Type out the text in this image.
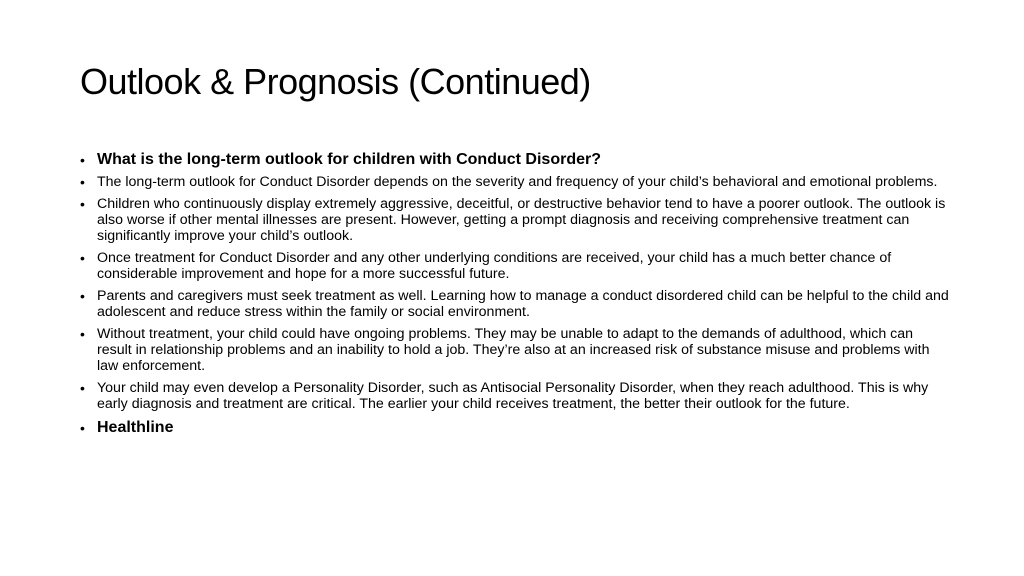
Outlook & Prognosis (Continued)
• What is the long-term outlook for children with Conduct Disorder?
• The long-term outlook for Conduct Disorder depends on the severity and frequency of your child’s behavioral and emotional problems.
• Children who continuously display extremely aggressive, deceitful, or destructive behavior tend to have a poorer outlook. The outlook is also worse if other mental illnesses are present. However, getting a prompt diagnosis and receiving comprehensive treatment can significantly improve your child’s outlook.
• Once treatment for Conduct Disorder and any other underlying conditions are received, your child has a much better chance of considerable improvement and hope for a more successful future.
• Parents and caregivers must seek treatment as well. Learning how to manage a conduct disordered child can be helpful to the child and adolescent and reduce stress within the family or social environment.
• Without treatment, your child could have ongoing problems. They may be unable to adapt to the demands of adulthood, which can result in relationship problems and an inability to hold a job. They’re also at an increased risk of substance misuse and problems with law enforcement.
• Your child may even develop a Personality Disorder, such as Antisocial Personality Disorder, when they reach adulthood. This is why early diagnosis and treatment are critical. The earlier your child receives treatment, the better their outlook for the future.
• Healthline
